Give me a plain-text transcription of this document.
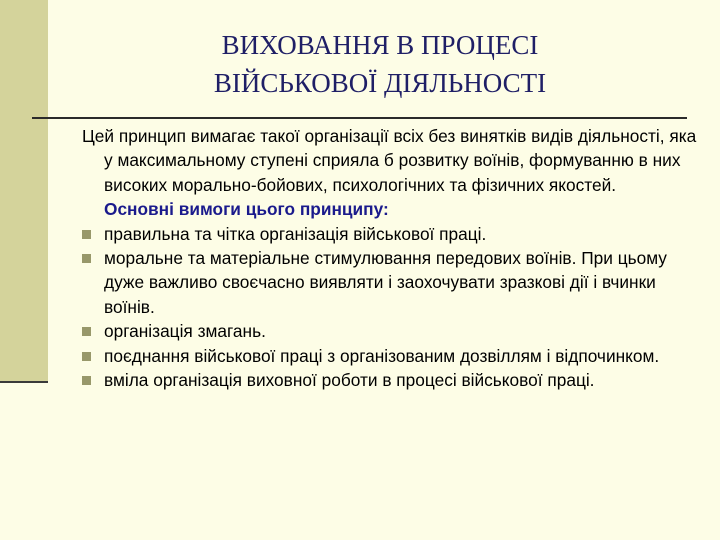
ВИХОВАННЯ В ПРОЦЕСІ
ВІЙСЬКОВОЇ ДІЯЛЬНОСТІ

Цей принцип вимагає такої організації всіх без винятків видів діяльності, яка у максимальному ступені сприяла б розвитку воїнів, формуванню в них високих морально-бойових, психологічних та фізичних якостей.

Основні вимоги цього принципу:

правильна та чітка організація військової праці.
моральне та матеріальне стимулювання передових воїнів. При цьому дуже важливо своєчасно виявляти і заохочувати зразкові дії і вчинки воїнів.
організація змагань.
поєднання військової праці з організованим дозвіллям і відпочинком.
вміла організація виховної роботи в процесі військової праці.
